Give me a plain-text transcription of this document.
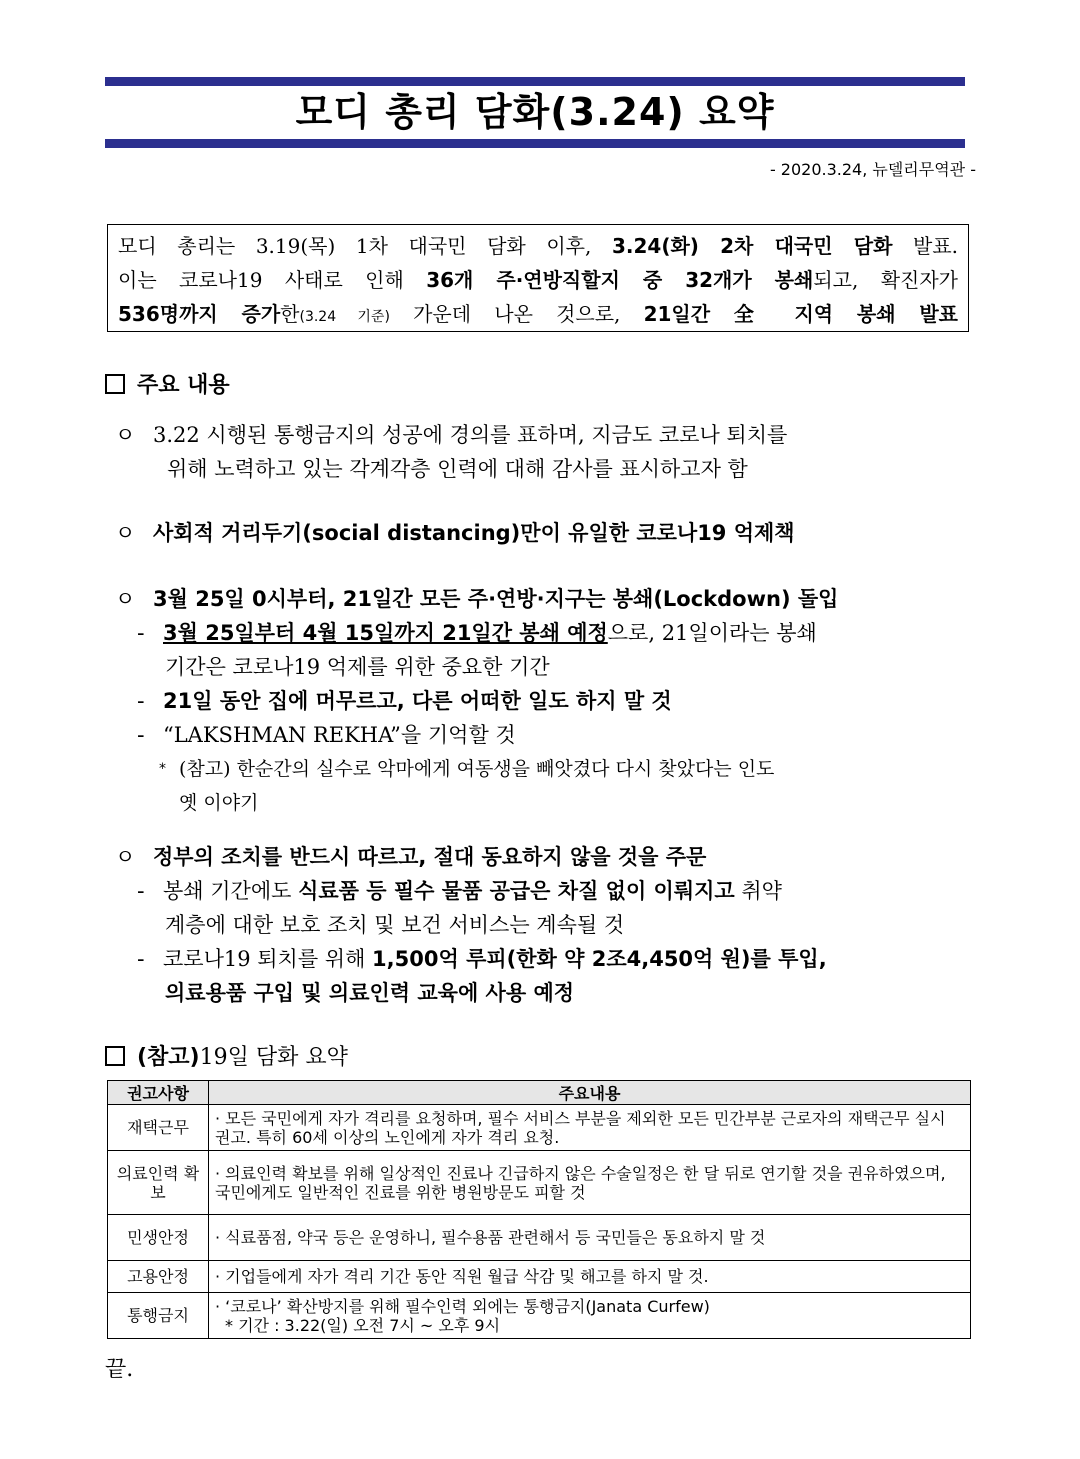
모디 총리 담화(3.24) 요약
- 2020.3.24, 뉴델리무역관 -
모디 총리는 3.19(목) 1차 대국민 담화 이후, 3.24(화) 2차 대국민 담화 발표.
이는 코로나19 사태로 인해 36개 주·연방직할지 중 32개가 봉쇄되고, 확진자가
536명까지 증가한(3.24 기준) 가운데 나온 것으로, 21일간 全 지역 봉쇄 발표
주요 내용
ㅇ 3.22 시행된 통행금지의 성공에 경의를 표하며, 지금도 코로나 퇴치를
위해 노력하고 있는 각계각층 인력에 대해 감사를 표시하고자 함
ㅇ 사회적 거리두기(social distancing)만이 유일한 코로나19 억제책
ㅇ 3월 25일 0시부터, 21일간 모든 주·연방·지구는 봉쇄(Lockdown) 돌입
- 3월 25일부터 4월 15일까지 21일간 봉쇄 예정으로, 21일이라는 봉쇄
기간은 코로나19 억제를 위한 중요한 기간
- 21일 동안 집에 머무르고, 다른 어떠한 일도 하지 말 것
- “LAKSHMAN REKHA”을 기억할 것
* (참고) 한순간의 실수로 악마에게 여동생을 빼앗겼다 다시 찾았다는 인도
옛 이야기
ㅇ 정부의 조치를 반드시 따르고, 절대 동요하지 않을 것을 주문
- 봉쇄 기간에도 식료품 등 필수 물품 공급은 차질 없이 이뤄지고 취약
계층에 대한 보호 조치 및 보건 서비스는 계속될 것
- 코로나19 퇴치를 위해 1,500억 루피(한화 약 2조4,450억 원)를 투입,
의료용품 구입 및 의료인력 교육에 사용 예정
(참고) 19일 담화 요약
권고사항	주요내용
재택근무	· 모든 국민에게 자가 격리를 요청하며, 필수 서비스 부분을 제외한 모든 민간부분 근로자의 재택근무 실시 권고. 특히 60세 이상의 노인에게 자가 격리 요청.
의료인력 확보	· 의료인력 확보를 위해 일상적인 진료나 긴급하지 않은 수술일정은 한 달 뒤로 연기할 것을 권유하였으며, 국민에게도 일반적인 진료를 위한 병원방문도 피할 것
민생안정	· 식료품점, 약국 등은 운영하니, 필수용품 관련해서 등 국민들은 동요하지 말 것
고용안정	· 기업들에게 자가 격리 기간 동안 직원 월급 삭감 및 해고를 하지 말 것.
통행금지	· ‘코로나’ 확산방지를 위해 필수인력 외에는 통행금지(Janata Curfew)
* 기간 : 3.22(일) 오전 7시 ~ 오후 9시
끝.
